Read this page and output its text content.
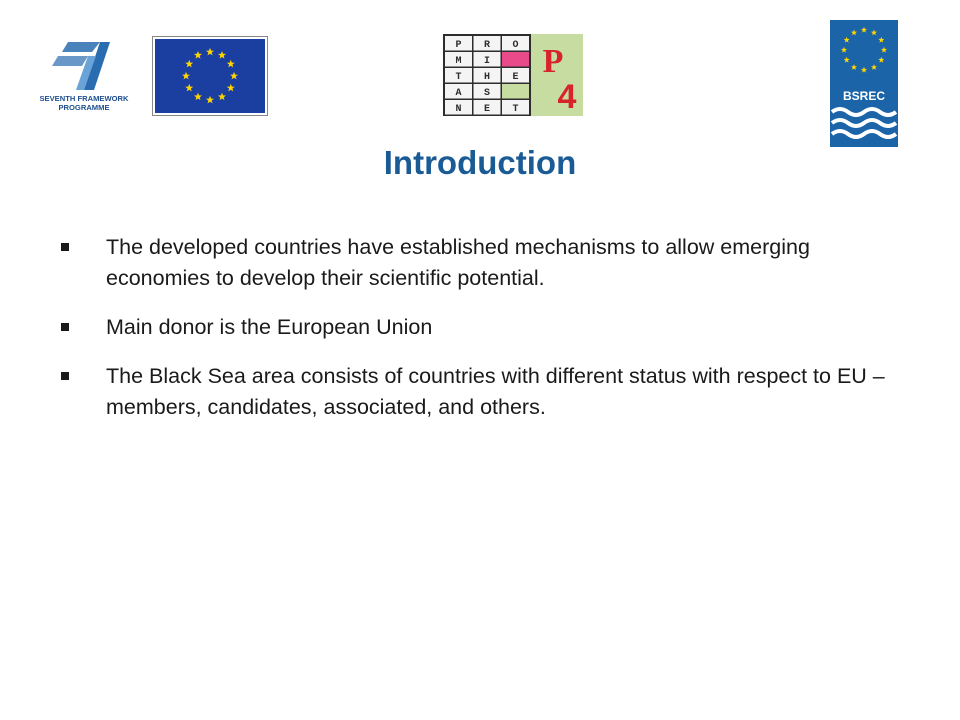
SEVENTH FRAMEWORK
PROGRAMME
P R O
M I
T H E
A S
N E T
P
4	BSREC
Introduction
The developed countries have established mechanisms to allow emerging economies to develop their scientific potential.
Main donor is the European Union
The Black Sea area consists of countries with different status with respect to EU – members, candidates, associated, and others.
